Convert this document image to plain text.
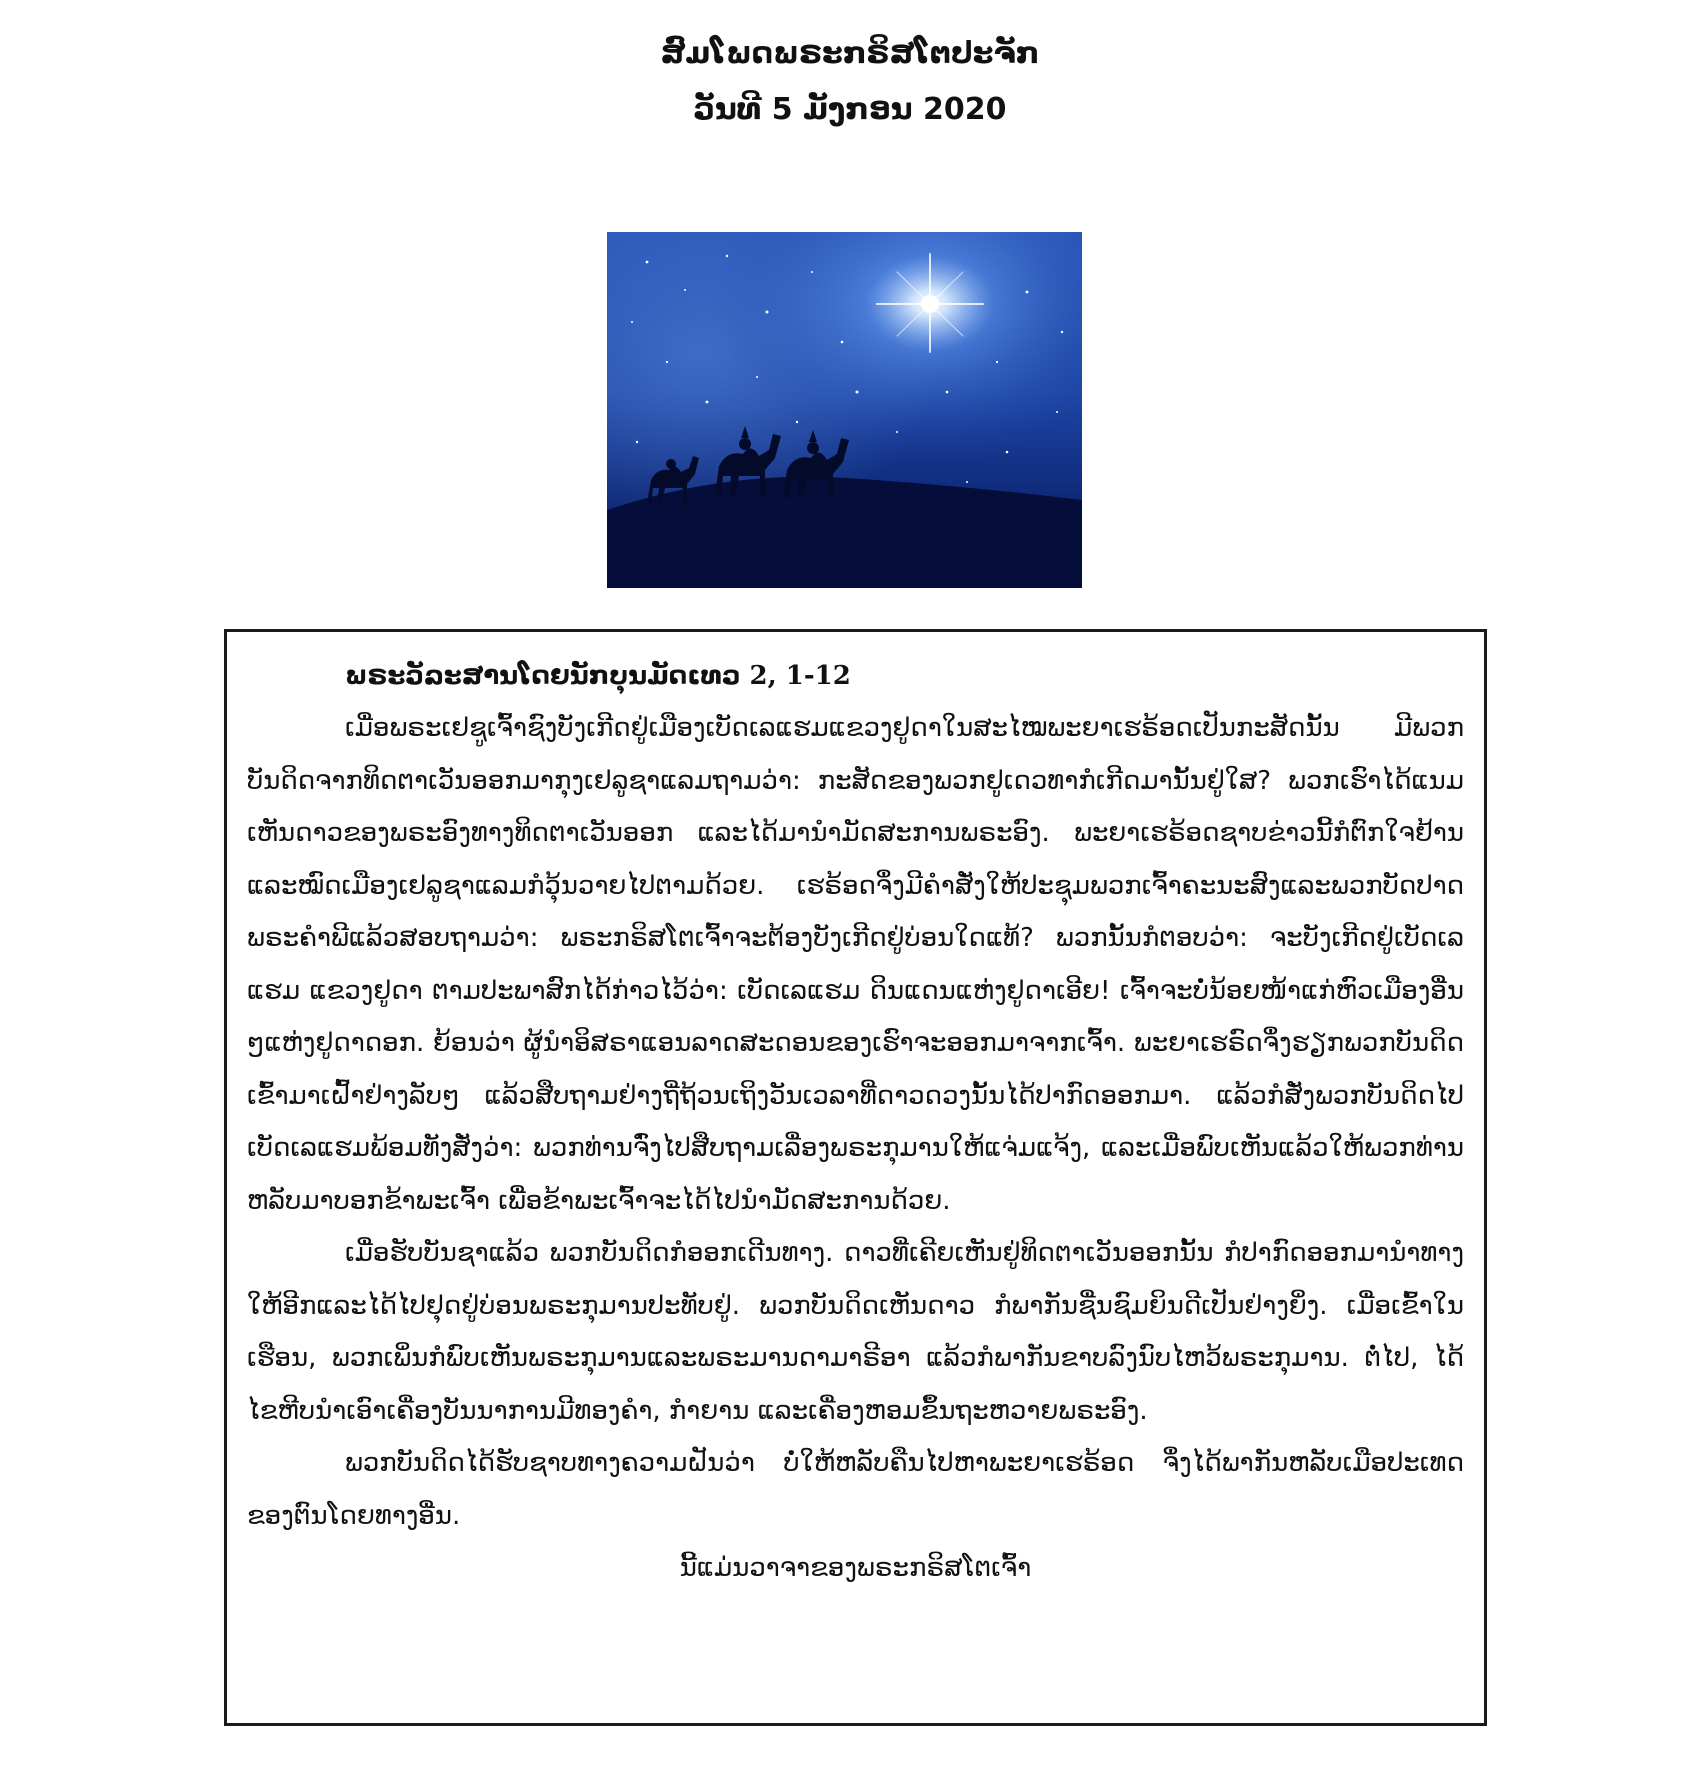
ສົມໂພດພຣະກຣິສໂຕປະຈັກ
ວັນທີ 5 ມັງກອນ 2020
ພຣະວັລະສານໂດຍນັກບຸນມັດເທວ 2, 1-12

ເມື່ອພຣະເຢຊູເຈົ້າຊົງບັງເກີດຢູ່ເມືອງເບັດເລແຮມແຂວງຢູດາໃນສະໄໝພະຍາເຮຣ້ອດເປັນກະສັດນັ້ນ ມີພວກບັນດິດຈາກທິດຕາເວັນອອກມາກຸງເຢລູຊາແລມຖາມວ່າ: ກະສັດຂອງພວກຢູເດວທາກໍເກີດມານັ້ນຢູ່ໃສ? ພວກເຮົາໄດ້ແນມເຫັນດາວຂອງພຣະອົງທາງທິດຕາເວັນອອກ ແລະໄດ້ມານໍາມັດສະການພຣະອົງ. ພະຍາເຮຣ້ອດຊາບຂ່າວນີ້ກໍຕົກໃຈຢ້ານ ແລະໝົດເມືອງເຢລູຊາແລມກໍວຸ້ນວາຍໄປຕາມດ້ວຍ. ເຮຣ້ອດຈຶ່ງມີຄໍາສັ່ງໃຫ້ປະຊຸມພວກເຈົ້າຄະນະສົງແລະພວກບັດປາດພຣະຄໍາພີແລ້ວສອບຖາມວ່າ: ພຣະກຣິສໂຕເຈົ້າຈະຕ້ອງບັງເກີດຢູ່ບ່ອນໃດແທ້? ພວກນັ້ນກໍຕອບວ່າ: ຈະບັງເກີດຢູ່ເບັດເລແຮມ ແຂວງຢູດາ ຕາມປະພາສົກໄດ້ກ່າວໄວ້ວ່າ: ເບັດເລແຮມ ດິນແດນແຫ່ງຢູດາເອີຍ! ເຈົ້າຈະບໍ່ນ້ອຍໜ້າແກ່ຫົວເມືອງອື່ນໆແຫ່ງຢູດາດອກ. ຍ້ອນວ່າ ຜູ້ນໍາອິສຣາແອນລາດສະດອນຂອງເຮົາຈະອອກມາຈາກເຈົ້າ. ພະຍາເຮຣົດຈຶ່ງຮຽກພວກບັນດິດເຂົ້າມາເຝົ້າຢ່າງລັບໆ ແລ້ວສືບຖາມຢ່າງຖີ່ຖ້ວນເຖິງວັນເວລາທີ່ດາວດວງນັ້ນໄດ້ປາກົດອອກມາ. ແລ້ວກໍສັ່ງພວກບັນດິດໄປເບັດເລແຮມພ້ອມທັງສັ່ງວ່າ: ພວກທ່ານຈົ່ງໄປສືບຖາມເລື່ອງພຣະກຸມານໃຫ້ແຈ່ມແຈ້ງ, ແລະເມື່ອພົບເຫັນແລ້ວໃຫ້ພວກທ່ານຫລັບມາບອກຂ້າພະເຈົ້າ ເພື່ອຂ້າພະເຈົ້າຈະໄດ້ໄປນໍາມັດສະການດ້ວຍ.

ເມື່ອຮັບບັນຊາແລ້ວ ພວກບັນດິດກໍອອກເດີນທາງ. ດາວທີ່ເຄີຍເຫັນຢູ່ທິດຕາເວັນອອກນັ້ນ ກໍປາກົດອອກມານໍາທາງໃຫ້ອີກແລະໄດ້ໄປຢຸດຢູ່ບ່ອນພຣະກຸມານປະທັບຢູ່. ພວກບັນດິດເຫັນດາວ ກໍພາກັນຊື່ນຊົມຍິນດີເປັນຢ່າງຍິ່ງ. ເມື່ອເຂົ້າໃນເຮືອນ, ພວກເພິ່ນກໍພົບເຫັນພຣະກຸມານແລະພຣະມານດາມາຣີອາ ແລ້ວກໍພາກັນຂາບລົງນົບໄຫວ້ພຣະກຸມານ. ຕໍ່ໄປ, ໄດ້ໄຂຫີບນໍາເອົາເຄື່ອງບັນນາການມີທອງຄໍາ, ກໍາຍານ ແລະເຄື່ອງຫອມຂຶ້ນຖະຫວາຍພຣະອົງ.

ພວກບັນດິດໄດ້ຮັບຊາບທາງຄວາມຝັນວ່າ ບໍ່ໃຫ້ຫລັບຄືນໄປຫາພະຍາເຮຣ້ອດ ຈຶ່ງໄດ້ພາກັນຫລັບເມືອປະເທດຂອງຕົນໂດຍທາງອື່ນ.

ນີ້ແມ່ນວາຈາຂອງພຣະກຣິສໂຕເຈົ້າ
